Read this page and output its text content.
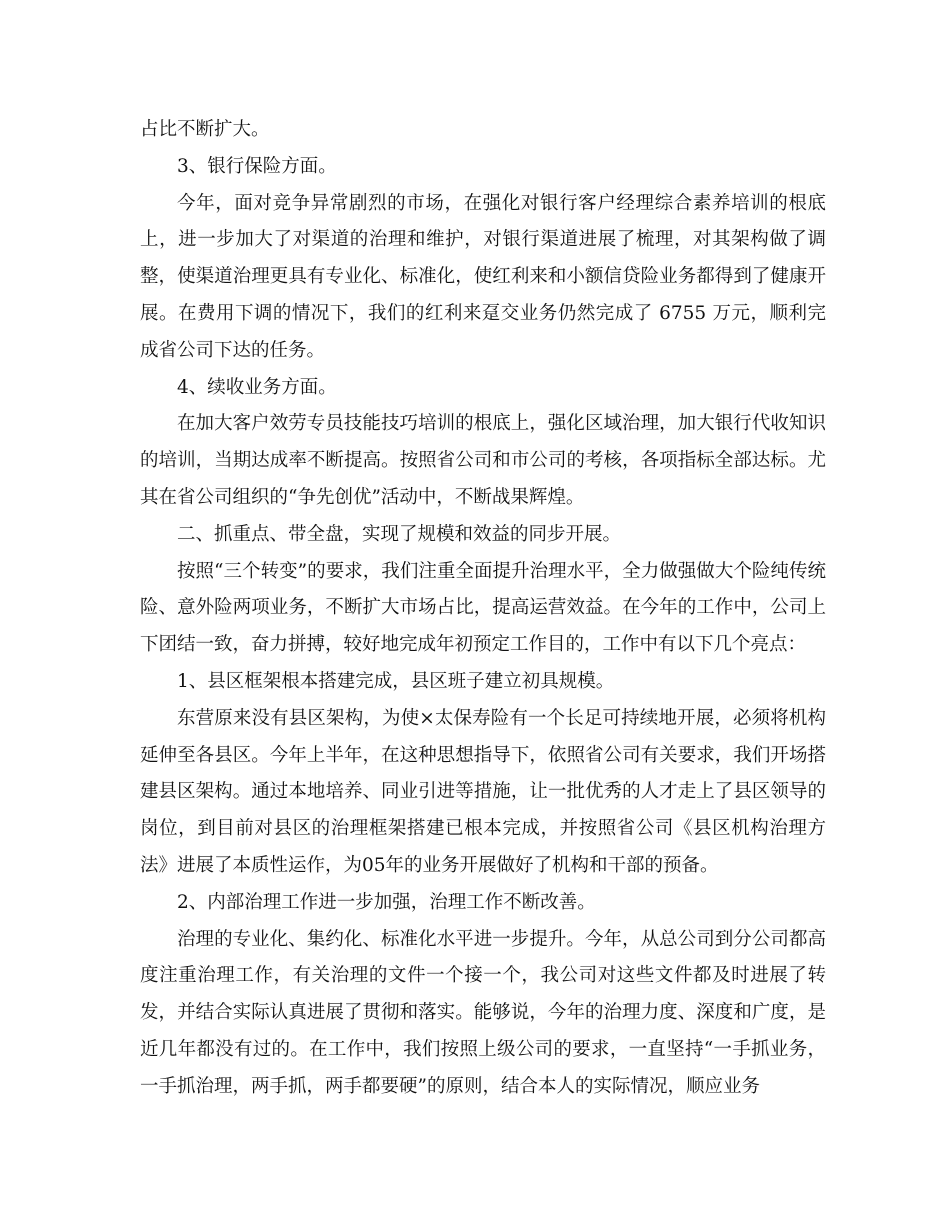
占比不断扩大。

3、银行保险方面。

今年，面对竞争异常剧烈的市场，在强化对银行客户经理综合素养培训的根底上，进一步加大了对渠道的治理和维护，对银行渠道进展了梳理，对其架构做了调整，使渠道治理更具有专业化、标准化，使红利来和小额信贷险业务都得到了健康开展。在费用下调的情况下，我们的红利来趸交业务仍然完成了 6755 万元，顺利完成省公司下达的任务。

4、续收业务方面。

在加大客户效劳专员技能技巧培训的根底上，强化区域治理，加大银行代收知识的培训，当期达成率不断提高。按照省公司和市公司的考核，各项指标全部达标。尤其在省公司组织的“争先创优”活动中，不断战果辉煌。

二、抓重点、带全盘，实现了规模和效益的同步开展。

按照“三个转变”的要求，我们注重全面提升治理水平，全力做强做大个险纯传统险、意外险两项业务，不断扩大市场占比，提高运营效益。在今年的工作中，公司上下团结一致，奋力拼搏，较好地完成年初预定工作目的，工作中有以下几个亮点：

1、县区框架根本搭建完成，县区班子建立初具规模。

东营原来没有县区架构，为使×太保寿险有一个长足可持续地开展，必须将机构延伸至各县区。今年上半年，在这种思想指导下，依照省公司有关要求，我们开场搭建县区架构。通过本地培养、同业引进等措施，让一批优秀的人才走上了县区领导的岗位，到目前对县区的治理框架搭建已根本完成，并按照省公司《县区机构治理方法》进展了本质性运作，为05年的业务开展做好了机构和干部的预备。

2、内部治理工作进一步加强，治理工作不断改善。

治理的专业化、集约化、标准化水平进一步提升。今年，从总公司到分公司都高度注重治理工作，有关治理的文件一个接一个，我公司对这些文件都及时进展了转发，并结合实际认真进展了贯彻和落实。能够说，今年的治理力度、深度和广度，是近几年都没有过的。在工作中，我们按照上级公司的要求，一直坚持“一手抓业务，一手抓治理，两手抓，两手都要硬”的原则，结合本人的实际情况，顺应业务
